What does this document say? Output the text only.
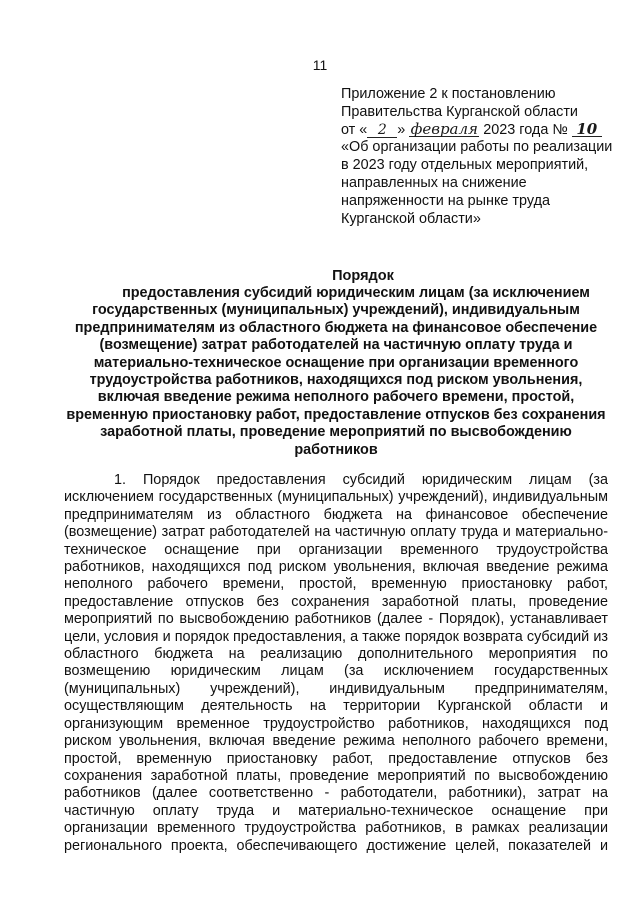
11
Приложение 2 к постановлению
Правительства Курганской области
от « 2 » февраля 2023 года № 10
«Об организации работы по реализации
в 2023 году отдельных мероприятий,
направленных на снижение
напряженности на рынке труда
Курганской области»
Порядок
предоставления субсидий юридическим лицам (за исключением
государственных (муниципальных) учреждений), индивидуальным
предпринимателям из областного бюджета на финансовое обеспечение
(возмещение) затрат работодателей на частичную оплату труда и
материально-техническое оснащение при организации временного
трудоустройства работников, находящихся под риском увольнения,
включая введение режима неполного рабочего времени, простой,
временную приостановку работ, предоставление отпусков без сохранения
заработной платы, проведение мероприятий по высвобождению
работников
1. Порядок предоставления субсидий юридическим лицам (за
исключением государственных (муниципальных) учреждений), индивидуальным
предпринимателям из областного бюджета на финансовое обеспечение
(возмещение) затрат работодателей на частичную оплату труда и материально-
техническое оснащение при организации временного трудоустройства
работников, находящихся под риском увольнения, включая введение режима
неполного рабочего времени, простой, временную приостановку работ,
предоставление отпусков без сохранения заработной платы, проведение
мероприятий по высвобождению работников (далее - Порядок), устанавливает
цели, условия и порядок предоставления, а также порядок возврата субсидий из
областного бюджета на реализацию дополнительного мероприятия по
возмещению юридическим лицам (за исключением государственных
(муниципальных) учреждений), индивидуальным предпринимателям,
осуществляющим деятельность на территории Курганской области и
организующим временное трудоустройство работников, находящихся под
риском увольнения, включая введение режима неполного рабочего времени,
простой, временную приостановку работ, предоставление отпусков без
сохранения заработной платы, проведение мероприятий по высвобождению
работников (далее соответственно - работодатели, работники), затрат на
частичную оплату труда и материально-техническое оснащение при
организации временного трудоустройства работников, в рамках реализации
регионального проекта, обеспечивающего достижение целей, показателей и
